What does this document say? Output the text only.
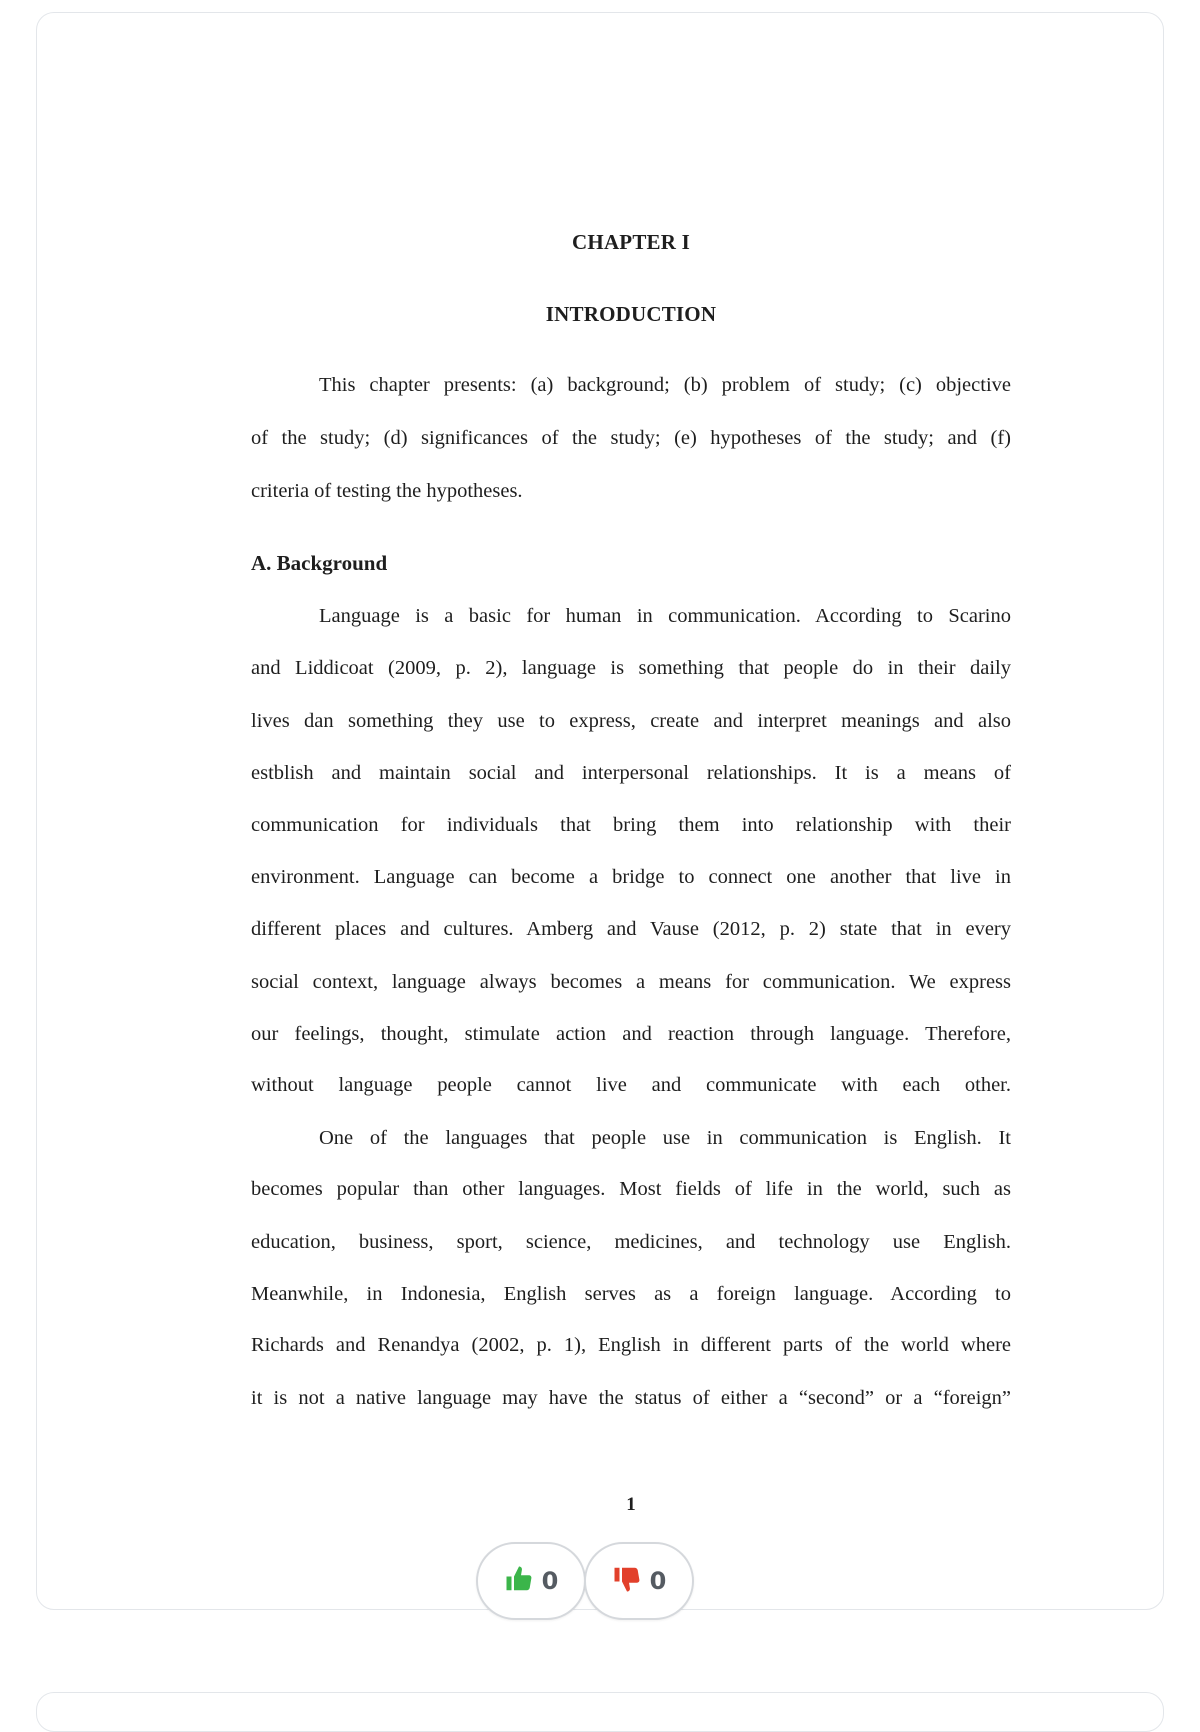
CHAPTER I
INTRODUCTION
This chapter presents: (a) background; (b) problem of study; (c) objective
of the study; (d) significances of the study; (e) hypotheses of the study; and (f)
criteria of testing the hypotheses.
A. Background
Language is a basic for human in communication. According to Scarino
and Liddicoat (2009, p. 2), language is something that people do in their daily
lives dan something they use to express, create and interpret meanings and also
estblish and maintain social and interpersonal relationships. It is a means of
communication for individuals that bring them into relationship with their
environment. Language can become a bridge to connect one another that live in
different places and cultures. Amberg and Vause (2012, p. 2) state that in every
social context, language always becomes a means for communication. We express
our feelings, thought, stimulate action and reaction through language. Therefore,
without language people cannot live and communicate with each other.
One of the languages that people use in communication is English. It
becomes popular than other languages. Most fields of life in the world, such as
education, business, sport, science, medicines, and technology use English.
Meanwhile, in Indonesia, English serves as a foreign language. According to
Richards and Renandya (2002, p. 1), English in different parts of the world where
it is not a native language may have the status of either a “second” or a “foreign”
1
0	0
